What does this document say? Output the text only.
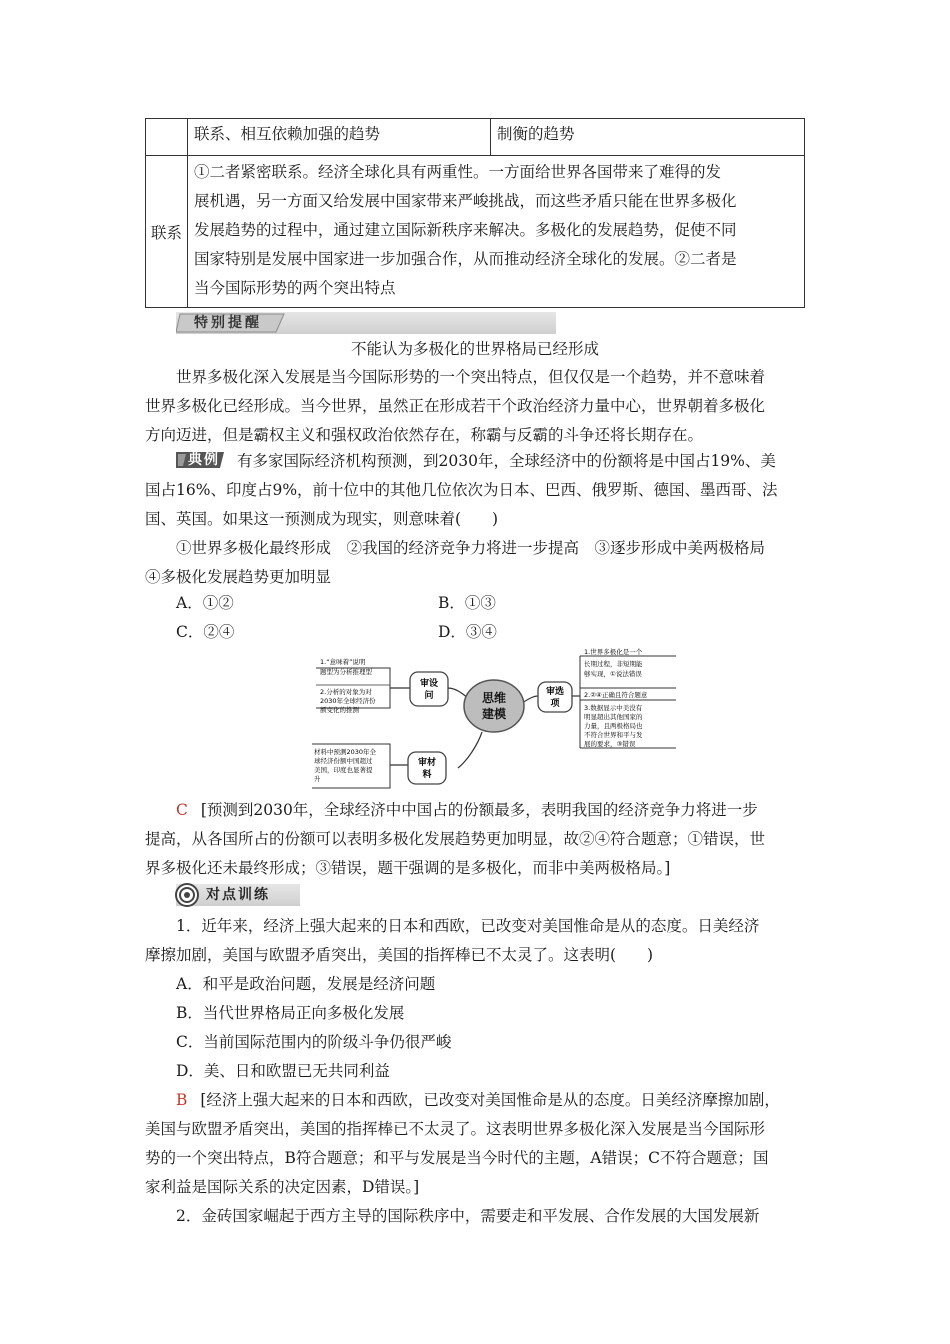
	联系、相互依赖加强的趋势	制衡的趋势
联系	①二者紧密联系。经济全球化具有两重性。一方面给世界各国带来了难得的发
展机遇，另一方面又给发展中国家带来严峻挑战，而这些矛盾只能在世界多极化
发展趋势的过程中，通过建立国际新秩序来解决。多极化的发展趋势，促使不同
国家特别是发展中国家进一步加强合作，从而推动经济全球化的发展。②二者是
当今国际形势的两个突出特点	
特别提醒

不能认为多极化的世界格局已经形成

世界多极化深入发展是当今国际形势的一个突出特点，但仅仅是一个趋势，并不意味着

世界多极化已经形成。当今世界，虽然正在形成若干个政治经济力量中心，世界朝着多极化

方向迈进，但是霸权主义和强权政治依然存在，称霸与反霸的斗争还将长期存在。

典例	有多家国际经济机构预测，到2030年，全球经济中的份额将是中国占19%、美

国占16%、印度占9%，前十位中的其他几位依次为日本、巴西、俄罗斯、德国、墨西哥、法

国、英国。如果这一预测成为现实，则意味着(　　)

①世界多极化最终形成　②我国的经济竞争力将进一步提高　③逐步形成中美两极格局

④多极化发展趋势更加明显

A．①②	B．①③

C．②④	D．③④

思维
建模
审设
问
审材
料
审选
项
1.“意味着”说明
题型为分析推理型
2.分析的对象为对
2030年全球经济份
额变化的推测
材料中预测2030年全
球经济份额中国超过
美国，印度也显著提
升
1.世界多极化是一个
长期过程，非短期能
够实现，①说法错误
2.②④正确且符合题意
3.数据显示中美没有
明显超出其他国家的
力量，且两极格局也
不符合世界和平与发
展的要求，③错误

C [预测到2030年，全球经济中中国占的份额最多，表明我国的经济竞争力将进一步

提高，从各国所占的份额可以表明多极化发展趋势更加明显，故②④符合题意；①错误，世

界多极化还未最终形成；③错误，题干强调的是多极化，而非中美两极格局。]

对点训练

1．近年来，经济上强大起来的日本和西欧，已改变对美国惟命是从的态度。日美经济

摩擦加剧，美国与欧盟矛盾突出，美国的指挥棒已不太灵了。这表明(　　)

A．和平是政治问题，发展是经济问题

B．当代世界格局正向多极化发展

C．当前国际范围内的阶级斗争仍很严峻

D．美、日和欧盟已无共同利益

B [经济上强大起来的日本和西欧，已改变对美国惟命是从的态度。日美经济摩擦加剧，

美国与欧盟矛盾突出，美国的指挥棒已不太灵了。这表明世界多极化深入发展是当今国际形

势的一个突出特点，B符合题意；和平与发展是当今时代的主题，A错误；C不符合题意；国

家利益是国际关系的决定因素，D错误。]

2．金砖国家崛起于西方主导的国际秩序中，需要走和平发展、合作发展的大国发展新
